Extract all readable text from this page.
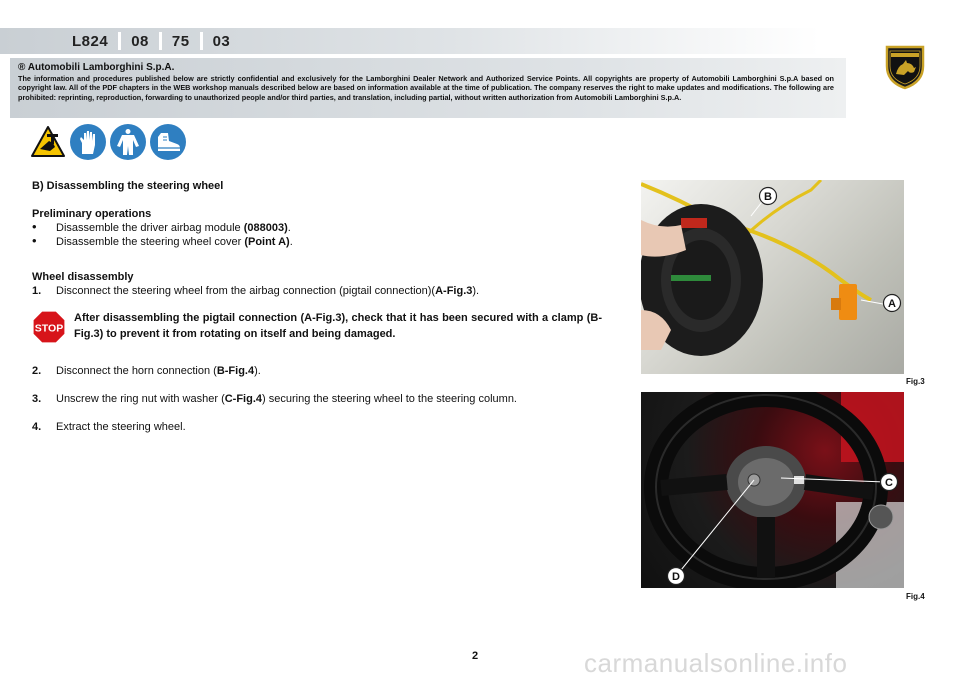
L824 08 75 03
® Automobili Lamborghini S.p.A.
The information and procedures published below are strictly confidential and exclusively for the Lamborghini Dealer Network and Authorized Service Points. All copyrights are property of Automobili Lamborghini S.p.A based on copyright law. All of the PDF chapters in the WEB workshop manuals described below are based on information available at the time of publication. The company reserves the right to make updates and modifications. The following are prohibited: reprinting, reproduction, forwarding to unauthorized people and/or third parties, and translation, including partial, without written authorization from Automobili Lamborghini S.p.A.
B) Disassembling the steering wheel
Preliminary operations
• Disassemble the driver airbag module (088003).
• Disassemble the steering wheel cover (Point A).
Wheel disassembly
1.	Disconnect the steering wheel from the airbag connection (pigtail connection)(A-Fig.3).
STOP
After disassembling the pigtail connection (A-Fig.3), check that it has been secured with a clamp (B-Fig.3) to prevent it from rotating on itself and being damaged.
2.	Disconnect the horn connection (B-Fig.4).
3.	Unscrew the ring nut with washer (C-Fig.4) securing the steering wheel to the steering column.
4.	Extract the steering wheel.
B
A
Fig.3
C
D
Fig.4
2	carmanualsonline.info
